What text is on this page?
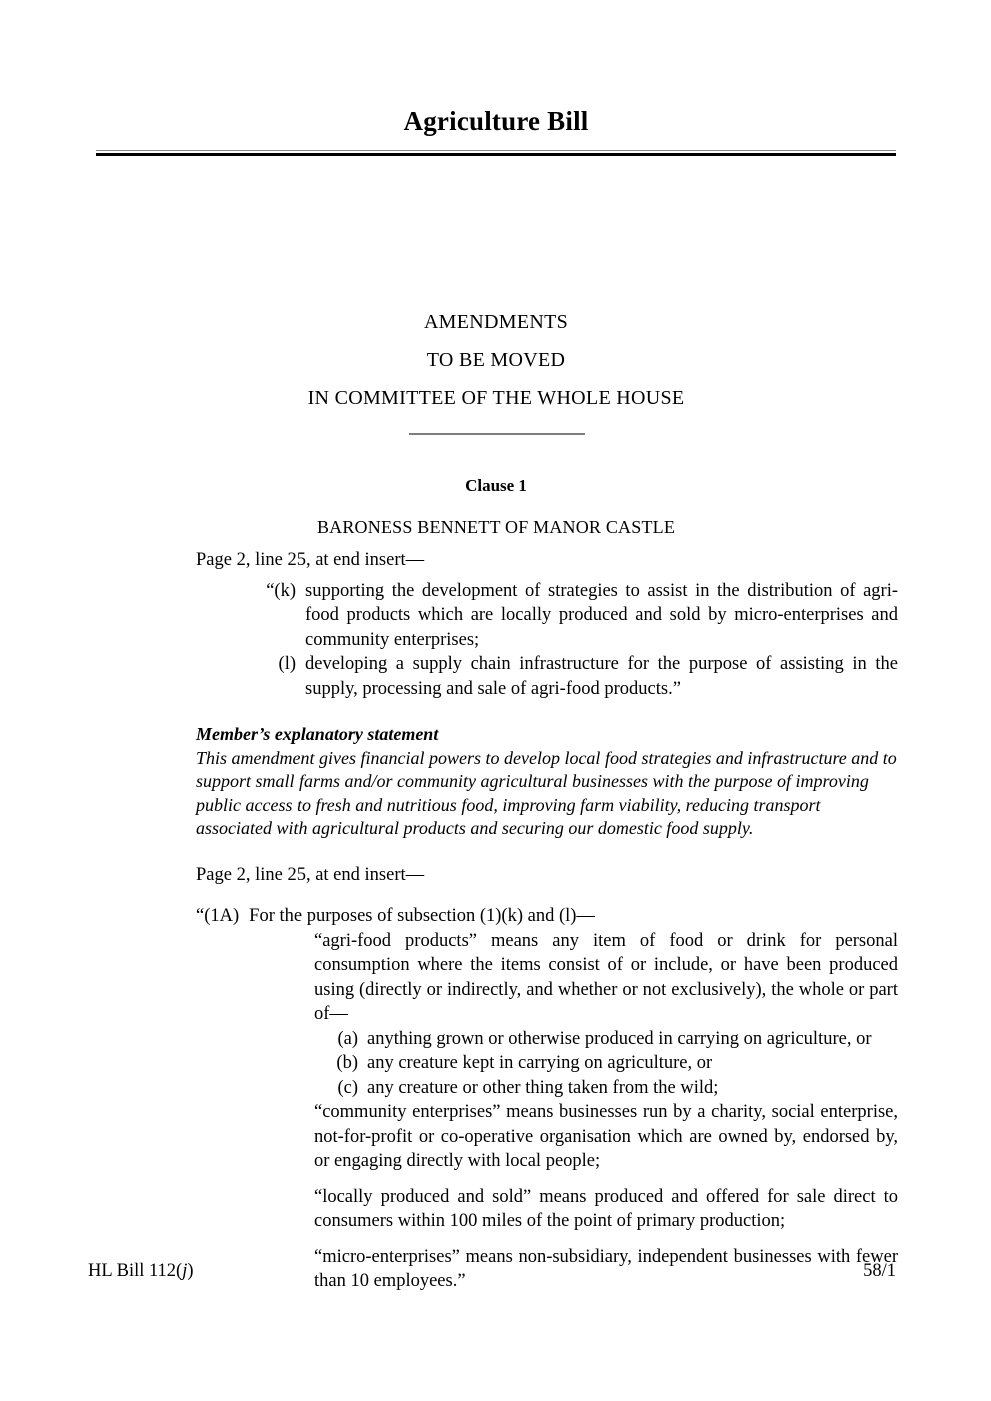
Agriculture Bill
AMENDMENTS
TO BE MOVED
IN COMMITTEE OF THE WHOLE HOUSE
Clause 1
BARONESS BENNETT OF MANOR CASTLE

Page 2, line 25, at end insert—

“(k) supporting the development of strategies to assist in the distribution of agri-food products which are locally produced and sold by micro-enterprises and community enterprises;
(l) developing a supply chain infrastructure for the purpose of assisting in the supply, processing and sale of agri-food products.”
Member’s explanatory statement
This amendment gives financial powers to develop local food strategies and infrastructure and to support small farms and/or community agricultural businesses with the purpose of improving public access to fresh and nutritious food, improving farm viability, reducing transport associated with agricultural products and securing our domestic food supply.

Page 2, line 25, at end insert—

“(1A) For the purposes of subsection (1)(k) and (l)—
“agri-food products” means any item of food or drink for personal consumption where the items consist of or include, or have been produced using (directly or indirectly, and whether or not exclusively), the whole or part of—
(a) anything grown or otherwise produced in carrying on agriculture, or
(b) any creature kept in carrying on agriculture, or
(c) any creature or other thing taken from the wild;
“community enterprises” means businesses run by a charity, social enterprise, not-for-profit or co-operative organisation which are owned by, endorsed by, or engaging directly with local people;
“locally produced and sold” means produced and offered for sale direct to consumers within 100 miles of the point of primary production;
“micro-enterprises” means non-subsidiary, independent businesses with fewer than 10 employees.”
HL Bill 112(j)	58/1
